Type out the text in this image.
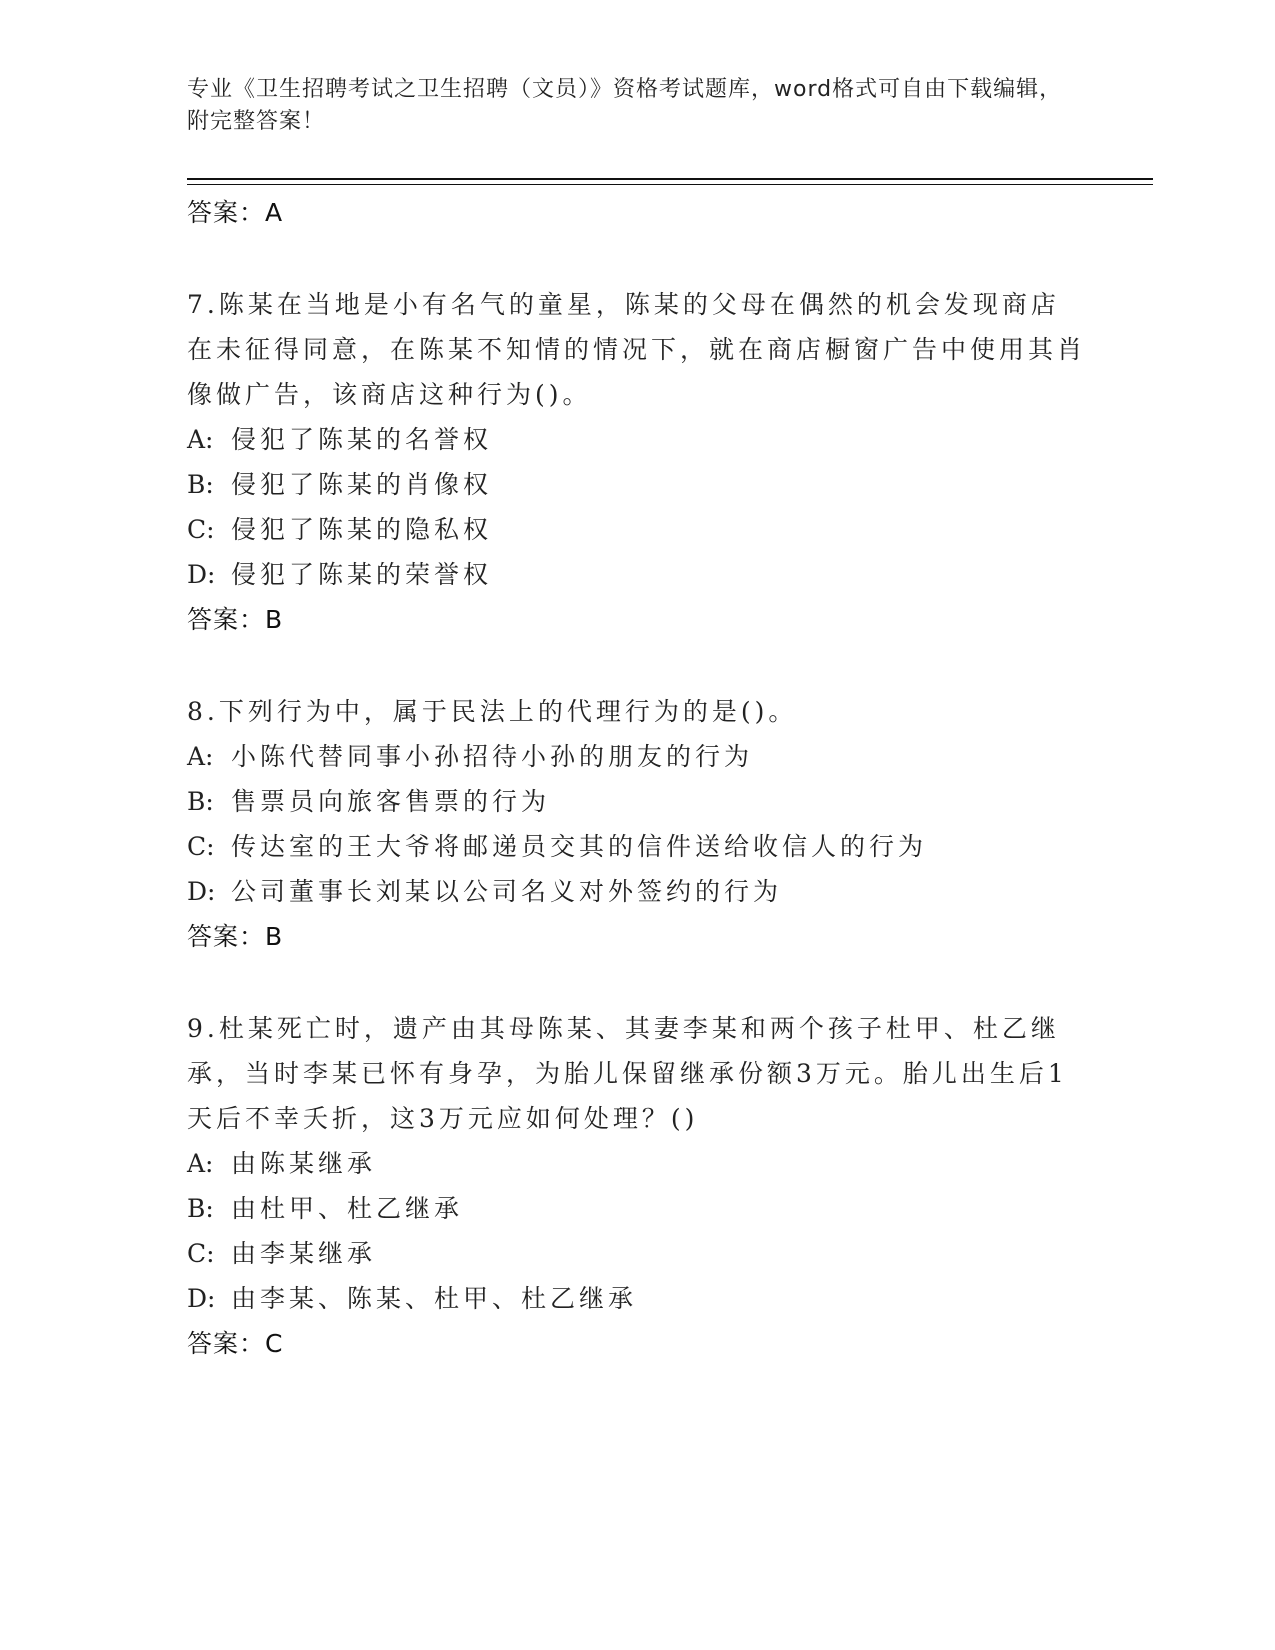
专业《卫生招聘考试之卫生招聘（文员）》资格考试题库，word格式可自由下载编辑，附完整答案！
答案：A
7.陈某在当地是小有名气的童星，陈某的父母在偶然的机会发现商店在未征得同意，在陈某不知情的情况下，就在商店橱窗广告中使用其肖像做广告，该商店这种行为()。
A: 侵犯了陈某的名誉权
B: 侵犯了陈某的肖像权
C: 侵犯了陈某的隐私权
D: 侵犯了陈某的荣誉权
答案：B
8.下列行为中，属于民法上的代理行为的是()。
A: 小陈代替同事小孙招待小孙的朋友的行为
B: 售票员向旅客售票的行为
C: 传达室的王大爷将邮递员交其的信件送给收信人的行为
D: 公司董事长刘某以公司名义对外签约的行为
答案：B
9.杜某死亡时，遗产由其母陈某、其妻李某和两个孩子杜甲、杜乙继承，当时李某已怀有身孕，为胎儿保留继承份额3万元。胎儿出生后1天后不幸夭折，这3万元应如何处理？()
A: 由陈某继承
B: 由杜甲、杜乙继承
C: 由李某继承
D: 由李某、陈某、杜甲、杜乙继承
答案：C
